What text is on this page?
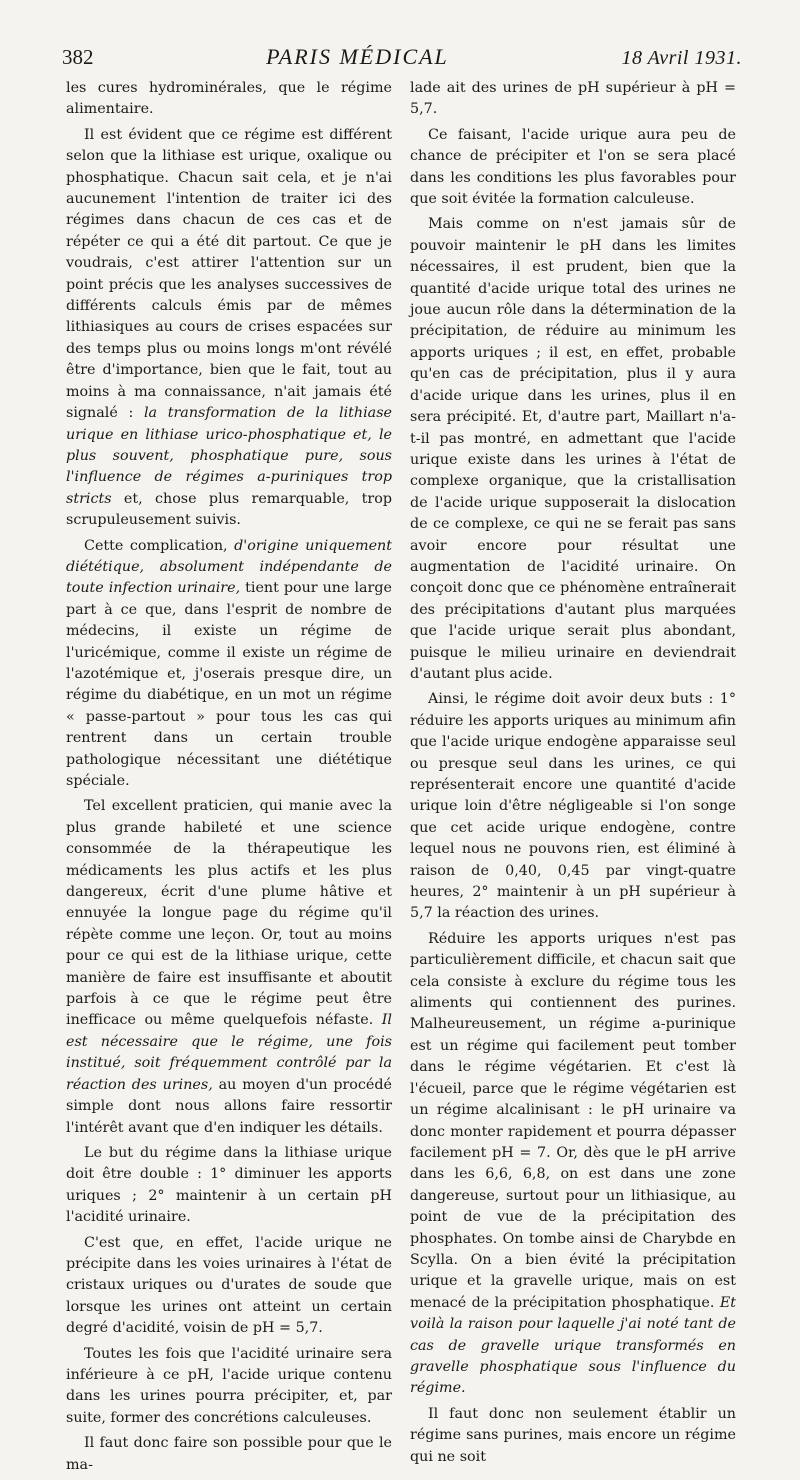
382	PARIS MÉDICAL	18 Avril 1931.

les cures hydrominérales, que le régime alimentaire.

Il est évident que ce régime est différent selon que la lithiase est urique, oxalique ou phosphatique. Chacun sait cela, et je n'ai aucunement l'intention de traiter ici des régimes dans chacun de ces cas et de répéter ce qui a été dit partout. Ce que je voudrais, c'est attirer l'attention sur un point précis que les analyses successives de différents calculs émis par de mêmes lithiasiques au cours de crises espacées sur des temps plus ou moins longs m'ont révélé être d'importance, bien que le fait, tout au moins à ma connaissance, n'ait jamais été signalé : la transformation de la lithiase urique en lithiase urico-phosphatique et, le plus souvent, phosphatique pure, sous l'influence de régimes a-puriniques trop stricts et, chose plus remarquable, trop scrupuleusement suivis.

Cette complication, d'origine uniquement diététique, absolument indépendante de toute infection urinaire, tient pour une large part à ce que, dans l'esprit de nombre de médecins, il existe un régime de l'uricémique, comme il existe un régime de l'azotémique et, j'oserais presque dire, un régime du diabétique, en un mot un régime « passe-partout » pour tous les cas qui rentrent dans un certain trouble pathologique nécessitant une diététique spéciale.

Tel excellent praticien, qui manie avec la plus grande habileté et une science consommée de la thérapeutique les médicaments les plus actifs et les plus dangereux, écrit d'une plume hâtive et ennuyée la longue page du régime qu'il répète comme une leçon. Or, tout au moins pour ce qui est de la lithiase urique, cette manière de faire est insuffisante et aboutit parfois à ce que le régime peut être inefficace ou même quelquefois néfaste. Il est nécessaire que le régime, une fois institué, soit fréquemment contrôlé par la réaction des urines, au moyen d'un procédé simple dont nous allons faire ressortir l'intérêt avant que d'en indiquer les détails.

Le but du régime dans la lithiase urique doit être double : 1° diminuer les apports uriques ; 2° maintenir à un certain pH l'acidité urinaire.

C'est que, en effet, l'acide urique ne précipite dans les voies urinaires à l'état de cristaux uriques ou d'urates de soude que lorsque les urines ont atteint un certain degré d'acidité, voisin de pH = 5,7.

Toutes les fois que l'acidité urinaire sera inférieure à ce pH, l'acide urique contenu dans les urines pourra précipiter, et, par suite, former des concrétions calculeuses.

Il faut donc faire son possible pour que le ma-

lade ait des urines de pH supérieur à pH = 5,7.

Ce faisant, l'acide urique aura peu de chance de précipiter et l'on se sera placé dans les conditions les plus favorables pour que soit évitée la formation calculeuse.

Mais comme on n'est jamais sûr de pouvoir maintenir le pH dans les limites nécessaires, il est prudent, bien que la quantité d'acide urique total des urines ne joue aucun rôle dans la détermination de la précipitation, de réduire au minimum les apports uriques ; il est, en effet, probable qu'en cas de précipitation, plus il y aura d'acide urique dans les urines, plus il en sera précipité. Et, d'autre part, Maillart n'a-t-il pas montré, en admettant que l'acide urique existe dans les urines à l'état de complexe organique, que la cristallisation de l'acide urique supposerait la dislocation de ce complexe, ce qui ne se ferait pas sans avoir encore pour résultat une augmentation de l'acidité urinaire. On conçoit donc que ce phénomène entraînerait des précipitations d'autant plus marquées que l'acide urique serait plus abondant, puisque le milieu urinaire en deviendrait d'autant plus acide.

Ainsi, le régime doit avoir deux buts : 1° réduire les apports uriques au minimum afin que l'acide urique endogène apparaisse seul ou presque seul dans les urines, ce qui représenterait encore une quantité d'acide urique loin d'être négligeable si l'on songe que cet acide urique endogène, contre lequel nous ne pouvons rien, est éliminé à raison de 0,40, 0,45 par vingt-quatre heures, 2° maintenir à un pH supérieur à 5,7 la réaction des urines.

Réduire les apports uriques n'est pas particulièrement difficile, et chacun sait que cela consiste à exclure du régime tous les aliments qui contiennent des purines. Malheureusement, un régime a-purinique est un régime qui facilement peut tomber dans le régime végétarien. Et c'est là l'écueil, parce que le régime végétarien est un régime alcalinisant : le pH urinaire va donc monter rapidement et pourra dépasser facilement pH = 7. Or, dès que le pH arrive dans les 6,6, 6,8, on est dans une zone dangereuse, surtout pour un lithiasique, au point de vue de la précipitation des phosphates. On tombe ainsi de Charybde en Scylla. On a bien évité la précipitation urique et la gravelle urique, mais on est menacé de la précipitation phosphatique. Et voilà la raison pour laquelle j'ai noté tant de cas de gravelle urique transformés en gravelle phosphatique sous l'influence du régime.

Il faut donc non seulement établir un régime sans purines, mais encore un régime qui ne soit
